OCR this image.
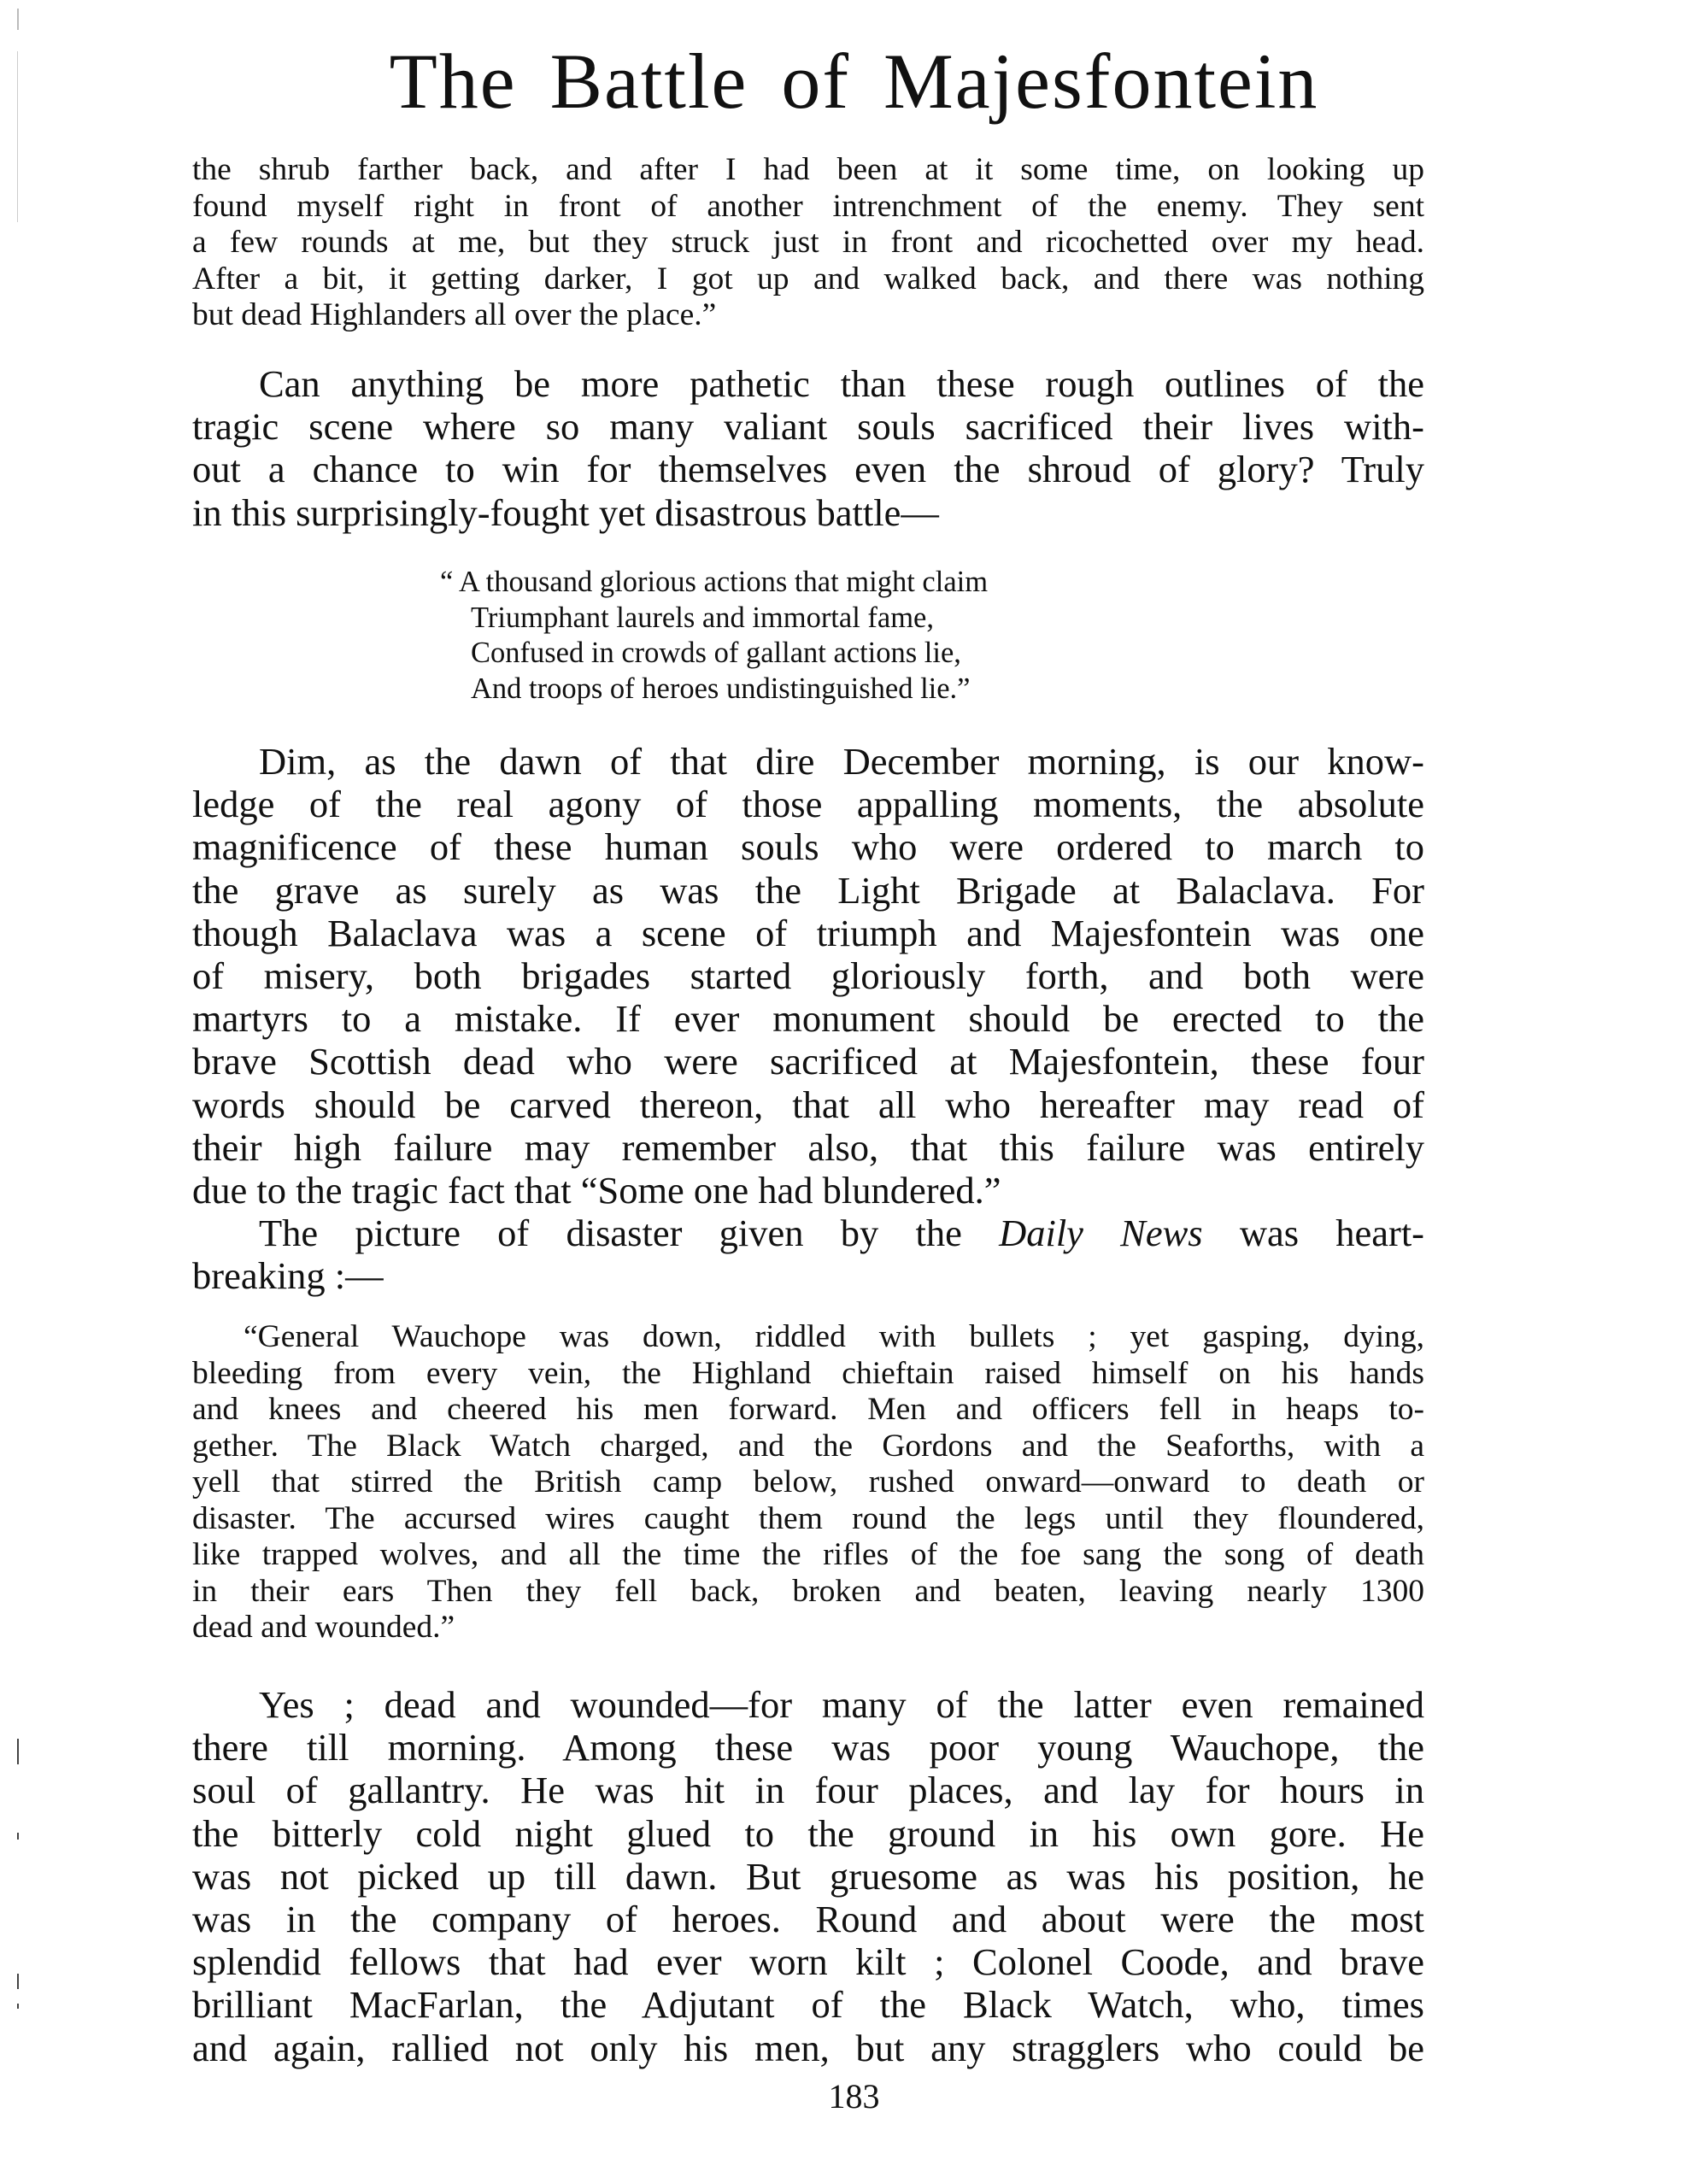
The Battle of Majesfontein
the shrub farther back, and after I had been at it some time, on looking up
found myself right in front of another intrenchment of the enemy. They sent
a few rounds at me, but they struck just in front and ricochetted over my head.
After a bit, it getting darker, I got up and walked back, and there was nothing
but dead Highlanders all over the place.”
Can anything be more pathetic than these rough outlines of the
tragic scene where so many valiant souls sacrificed their lives with-
out a chance to win for themselves even the shroud of glory? Truly
in this surprisingly-fought yet disastrous battle—
“ A thousand glorious actions that might claim
Triumphant laurels and immortal fame,
Confused in crowds of gallant actions lie,
And troops of heroes undistinguished lie.”
Dim, as the dawn of that dire December morning, is our know-
ledge of the real agony of those appalling moments, the absolute
magnificence of these human souls who were ordered to march to
the grave as surely as was the Light Brigade at Balaclava. For
though Balaclava was a scene of triumph and Majesfontein was one
of misery, both brigades started gloriously forth, and both were
martyrs to a mistake. If ever monument should be erected to the
brave Scottish dead who were sacrificed at Majesfontein, these four
words should be carved thereon, that all who hereafter may read of
their high failure may remember also, that this failure was entirely
due to the tragic fact that “Some one had blundered.”
The picture of disaster given by the Daily News was heart-
breaking :—
“General Wauchope was down, riddled with bullets ; yet gasping, dying,
bleeding from every vein, the Highland chieftain raised himself on his hands
and knees and cheered his men forward. Men and officers fell in heaps to-
gether. The Black Watch charged, and the Gordons and the Seaforths, with a
yell that stirred the British camp below, rushed onward—onward to death or
disaster. The accursed wires caught them round the legs until they floundered,
like trapped wolves, and all the time the rifles of the foe sang the song of death
in their ears Then they fell back, broken and beaten, leaving nearly 1300
dead and wounded.”
Yes ; dead and wounded—for many of the latter even remained
there till morning. Among these was poor young Wauchope, the
soul of gallantry. He was hit in four places, and lay for hours in
the bitterly cold night glued to the ground in his own gore. He
was not picked up till dawn. But gruesome as was his position, he
was in the company of heroes. Round and about were the most
splendid fellows that had ever worn kilt ; Colonel Coode, and brave
brilliant MacFarlan, the Adjutant of the Black Watch, who, times
and again, rallied not only his men, but any stragglers who could be
183
